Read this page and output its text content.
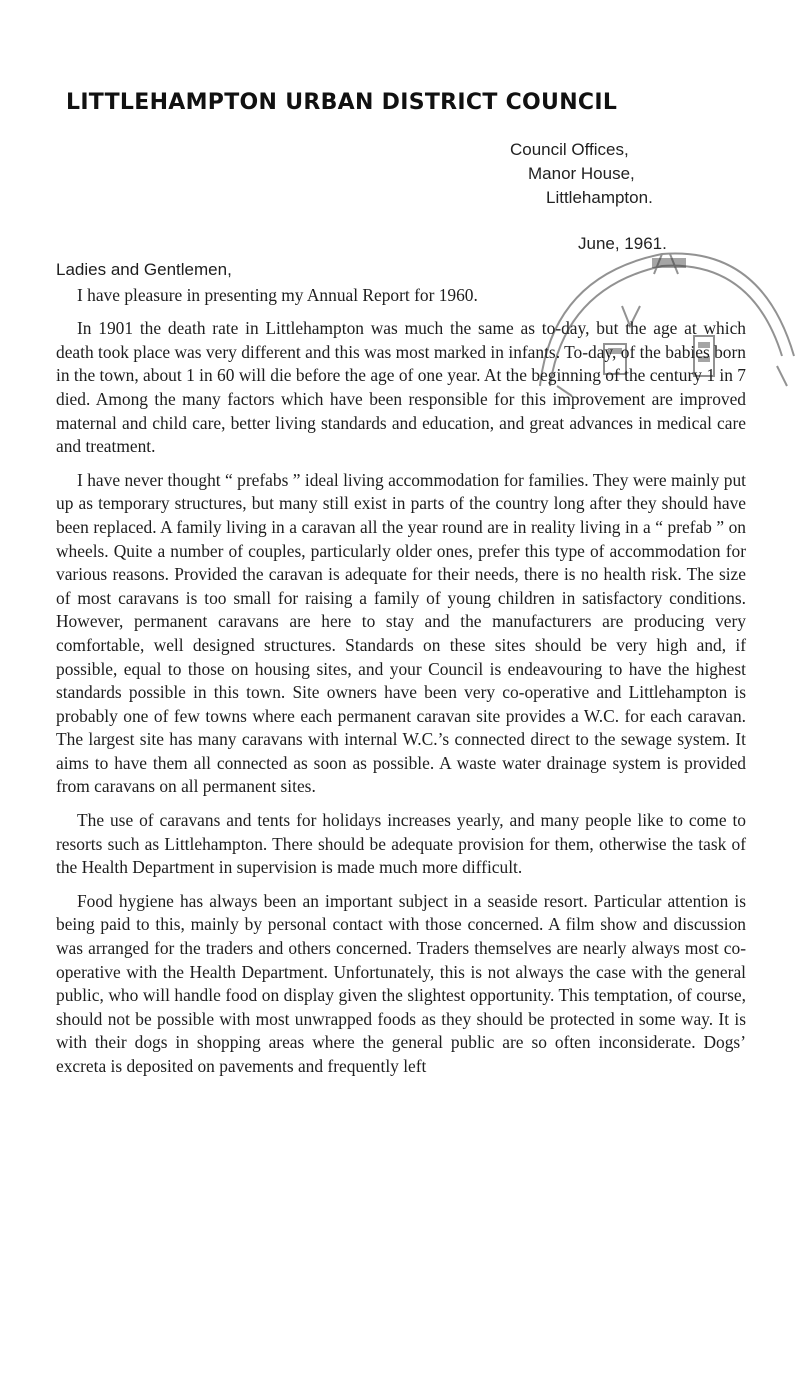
LITTLEHAMPTON URBAN DISTRICT COUNCIL
Council Offices,
Manor House,
Littlehampton.
June, 1961.

Ladies and Gentlemen,

I have pleasure in presenting my Annual Report for 1960.

In 1901 the death rate in Littlehampton was much the same as to-day, but the age at which death took place was very different and this was most marked in infants. To-day, of the babies born in the town, about 1 in 60 will die before the age of one year. At the beginning of the century 1 in 7 died. Among the many factors which have been responsible for this improvement are improved maternal and child care, better living standards and education, and great advances in medical care and treatment.

I have never thought “ prefabs ” ideal living accommodation for families. They were mainly put up as temporary structures, but many still exist in parts of the country long after they should have been replaced. A family living in a caravan all the year round are in reality living in a “ prefab ” on wheels. Quite a number of couples, particularly older ones, prefer this type of accommodation for various reasons. Provided the caravan is adequate for their needs, there is no health risk. The size of most caravans is too small for raising a family of young children in satisfactory conditions. However, permanent caravans are here to stay and the manufacturers are producing very comfortable, well designed structures. Standards on these sites should be very high and, if possible, equal to those on housing sites, and your Council is endeavouring to have the highest standards possible in this town. Site owners have been very co-operative and Littlehampton is probably one of few towns where each permanent caravan site provides a W.C. for each caravan. The largest site has many caravans with internal W.C.’s connected direct to the sewage system. It aims to have them all connected as soon as possible. A waste water drainage system is provided from caravans on all permanent sites.

The use of caravans and tents for holidays increases yearly, and many people like to come to resorts such as Littlehampton. There should be adequate provision for them, otherwise the task of the Health Department in supervision is made much more difficult.

Food hygiene has always been an important subject in a seaside resort. Particular attention is being paid to this, mainly by personal contact with those concerned. A film show and discussion was arranged for the traders and others concerned. Traders themselves are nearly always most co-operative with the Health Department. Unfortunately, this is not always the case with the general public, who will handle food on display given the slightest opportunity. This temptation, of course, should not be possible with most unwrapped foods as they should be protected in some way. It is with their dogs in shopping areas where the general public are so often inconsiderate. Dogs’ excreta is deposited on pavements and frequently left
